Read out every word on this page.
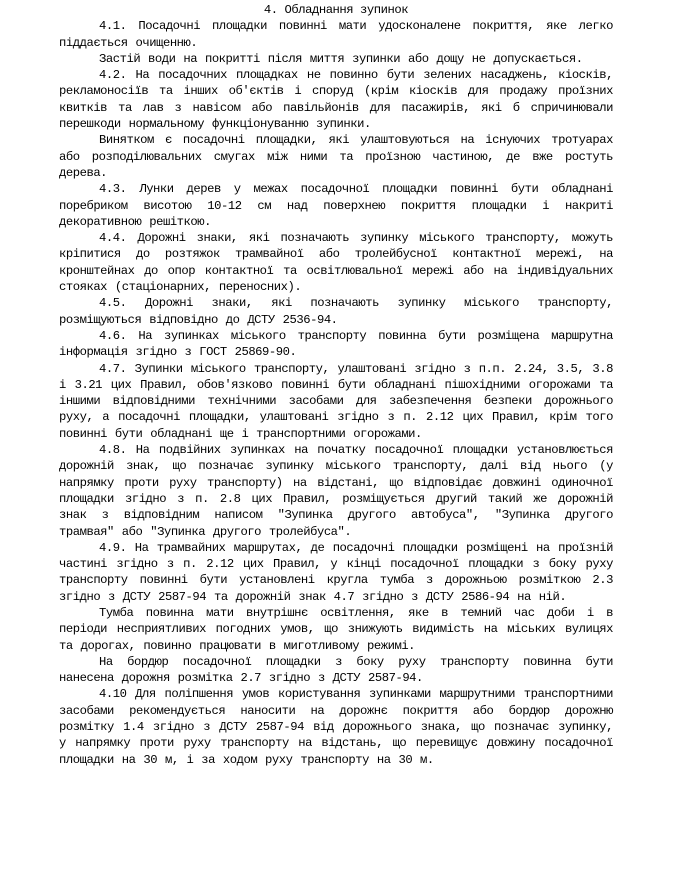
4. Обладнання зупинок

4.1. Посадочні площадки повинні мати удосконалене покриття, яке легко піддається очищенню.

Застій води на покритті після миття зупинки або дощу не допускається.

4.2. На посадочних площадках не повинно бути зелених насаджень, кіосків, рекламоносіїв та інших об'єктів і споруд (крім кіосків для продажу проїзних квитків та лав з навісом або павільйонів для пасажирів, які б спричинювали перешкоди нормальному функціонуванню зупинки.

Винятком є посадочні площадки, які улаштовуються на існуючих тротуарах або розподілювальних смугах між ними та проїзною частиною, де вже ростуть дерева.

4.3. Лунки дерев у межах посадочної площадки повинні бути обладнані поребриком висотою 10-12 см над поверхнею покриття площадки і накриті декоративною решіткою.

4.4. Дорожні знаки, які позначають зупинку міського транспорту, можуть кріпитися до розтяжок трамвайної або тролейбусної контактної мережі, на кронштейнах до опор контактної та освітлювальної мережі або на індивідуальних стояках (стаціонарних, переносних).

4.5. Дорожні знаки, які позначають зупинку міського транспорту, розміщуються відповідно до ДСТУ 2536-94.

4.6. На зупинках міського транспорту повинна бути розміщена маршрутна інформація згідно з ГОСТ 25869-90.

4.7. Зупинки міського транспорту, улаштовані згідно з п.п. 2.24, 3.5, 3.8 і 3.21 цих Правил, обов'язково повинні бути обладнані пішохідними огорожами та іншими відповідними технічними засобами для забезпечення безпеки дорожнього руху, а посадочні площадки, улаштовані згідно з п. 2.12 цих Правил, крім того повинні бути обладнані ще і транспортними огорожами.

4.8. На подвійних зупинках на початку посадочної площадки установлюється дорожній знак, що позначає зупинку міського транспорту, далі від нього (у напрямку проти руху транспорту) на відстані, що відповідає довжині одиночної площадки згідно з п. 2.8 цих Правил, розміщується другий такий же дорожній знак з відповідним написом "Зупинка другого автобуса", "Зупинка другого трамвая" або "Зупинка другого тролейбуса".

4.9. На трамвайних маршрутах, де посадочні площадки розміщені на проїзній частині згідно з п. 2.12 цих Правил, у кінці посадочної площадки з боку руху транспорту повинні бути установлені кругла тумба з дорожньою розміткою 2.3 згідно з ДСТУ 2587-94 та дорожній знак 4.7 згідно з ДСТУ 2586-94 на ній.

Тумба повинна мати внутрішнє освітлення, яке в темний час доби і в періоди несприятливих погодних умов, що знижують видимість на міських вулицях та дорогах, повинно працювати в миготливому режимі.

На бордюр посадочної площадки з боку руху транспорту повинна бути нанесена дорожня розмітка 2.7 згідно з ДСТУ 2587-94.

4.10 Для поліпшення умов користування зупинками маршрутними транспортними засобами рекомендується наносити на дорожнє покриття або бордюр дорожню розмітку 1.4 згідно з ДСТУ 2587-94 від дорожнього знака, що позначає зупинку, у напрямку проти руху транспорту на відстань, що перевищує довжину посадочної площадки на 30 м, і за ходом руху транспорту на 30 м.
